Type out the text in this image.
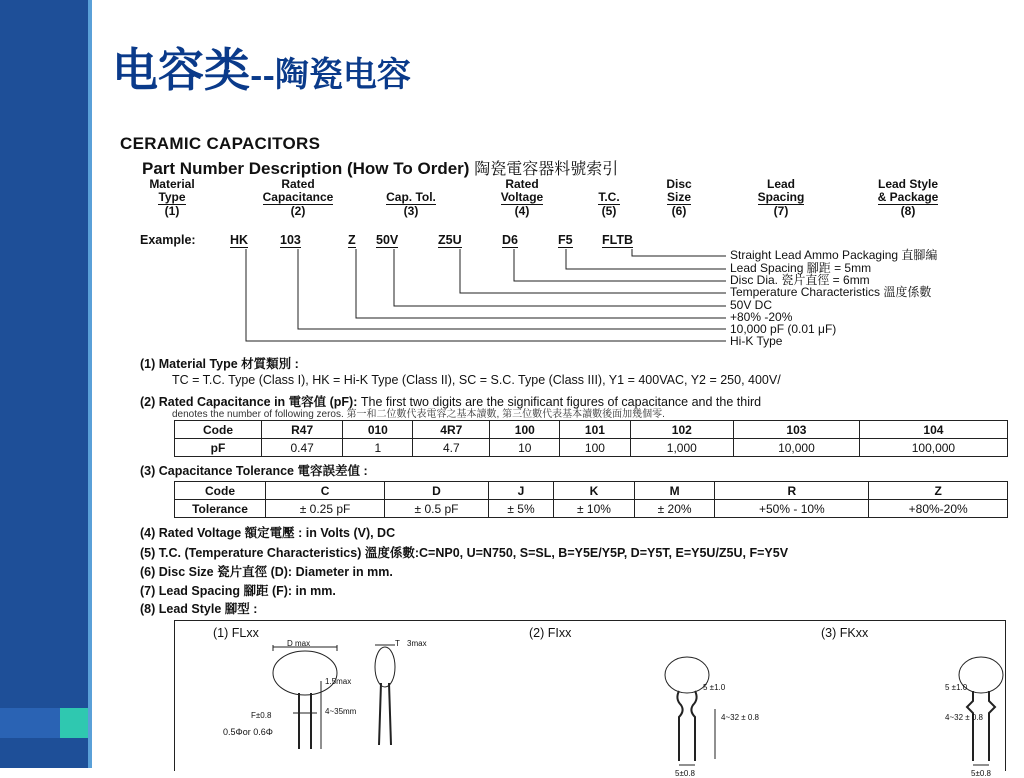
电容类--陶瓷电容
CERAMIC CAPACITORS
Part Number Description (How To Order) 陶瓷電容器料號索引
Material
Type
(1)
Rated
Capacitance
(2)

Cap. Tol.
(3)
Rated
Voltage
(4)

T.C.
(5)
Disc
Size
(6)
Lead
Spacing
(7)
Lead Style
& Package
(8)
Example:	HK	103	Z 50V	Z5U	D6	F5 FLTB
Straight Lead Ammo Packaging 直腳編
Lead Spacing 腳距 = 5mm
Disc Dia. 瓷片直徑 = 6mm
Temperature Characteristics 溫度係數
50V DC
+80% -20%
10,000 pF (0.01 μF)
Hi-K Type
(1) Material Type 材質類別 :
TC = T.C. Type (Class I), HK = Hi-K Type (Class II), SC = S.C. Type (Class III), Y1 = 400VAC, Y2 = 250, 400V/
(2) Rated Capacitance in 電容值 (pF): The first two digits are the significant figures of capacitance and the third
denotes the number of following zeros. 第一和二位數代表電容之基本讀數, 第三位數代表基本讀數後面加幾個零.
Code	R47	010	4R7	100	101	102	103	104
pF	0.47	1	4.7	10	100	1,000	10,000	100,000
(3) Capacitance Tolerance 電容誤差值 :
Code	C	D	J	K	M	R	Z
Tolerance	± 0.25 pF	± 0.5 pF	± 5%	± 10%	± 20%	+50% - 10%	+80%-20%
(4) Rated Voltage 額定電壓 : in Volts (V), DC
(5) T.C. (Temperature Characteristics) 溫度係數:C=NP0, U=N750, S=SL, B=Y5E/Y5P, D=Y5T, E=Y5U/Z5U, F=Y5V
(6) Disc Size 瓷片直徑 (D): Diameter in mm.
(7) Lead Spacing 腳距 (F): in mm.
(8) Lead Style 腳型 :
(1) FLxx	(2) FIxx	(3) FKxx
D max	T 3max
1.5max
4~35mm
F±0.8
0.5Φor 0.6Φ
5 ±1.0
4~32 ± 0.8
5±0.8
5 ±1.0
4~32 ± 0.8
5±0.8
